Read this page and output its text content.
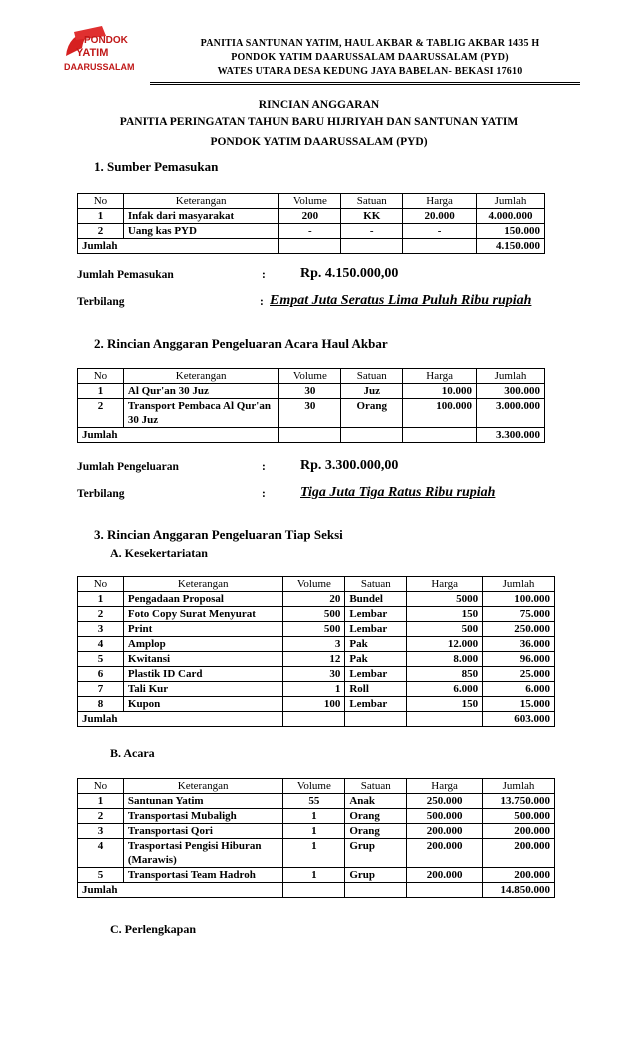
PONDOK
YATIM
DAARUSSALAM
PANITIA SANTUNAN YATIM, HAUL AKBAR & TABLIG AKBAR 1435 H
PONDOK YATIM DAARUSSALAM DAARUSSALAM (PYD)
WATES UTARA DESA KEDUNG JAYA BABELAN- BEKASI 17610
RINCIAN ANGGARAN
PANITIA PERINGATAN TAHUN BARU HIJRIYAH DAN SANTUNAN YATIM
PONDOK YATIM DAARUSSALAM (PYD)
1. Sumber Pemasukan
No	Keterangan	Volume	Satuan	Harga	Jumlah
1	Infak dari masyarakat	200	KK	20.000	4.000.000
2	Uang kas PYD	-	-	-	150.000
Jumlah					4.150.000
Jumlah Pemasukan	: Rp. 4.150.000,00
Terbilang	: Empat Juta Seratus Lima Puluh Ribu rupiah
2. Rincian Anggaran Pengeluaran Acara Haul Akbar
No	Keterangan	Volume	Satuan	Harga	Jumlah
1	Al Qur'an 30 Juz	30	Juz	10.000	300.000
2	Transport Pembaca Al Qur'an 30 Juz	30	Orang	100.000	3.000.000
Jumlah					3.300.000
Jumlah Pengeluaran	: Rp. 3.300.000,00
Terbilang	: Tiga Juta Tiga Ratus Ribu rupiah
3. Rincian Anggaran Pengeluaran Tiap Seksi
A. Kesekertariatan
No	Keterangan	Volume	Satuan	Harga	Jumlah
1	Pengadaan Proposal	20	Bundel	5000	100.000
2	Foto Copy Surat Menyurat	500	Lembar	150	75.000
3	Print	500	Lembar	500	250.000
4	Amplop	3	Pak	12.000	36.000
5	Kwitansi	12	Pak	8.000	96.000
6	Plastik ID Card	30	Lembar	850	25.000
7	Tali Kur	1	Roll	6.000	6.000
8	Kupon	100	Lembar	150	15.000
Jumlah					603.000
B. Acara
No	Keterangan	Volume	Satuan	Harga	Jumlah
1	Santunan Yatim	55	Anak	250.000	13.750.000
2	Transportasi Mubaligh	1	Orang	500.000	500.000
3	Transportasi Qori	1	Orang	200.000	200.000
4	Trasportasi Pengisi Hiburan (Marawis)	1	Grup	200.000	200.000
5	Transportasi Team Hadroh	1	Grup	200.000	200.000
Jumlah					14.850.000
C. Perlengkapan
